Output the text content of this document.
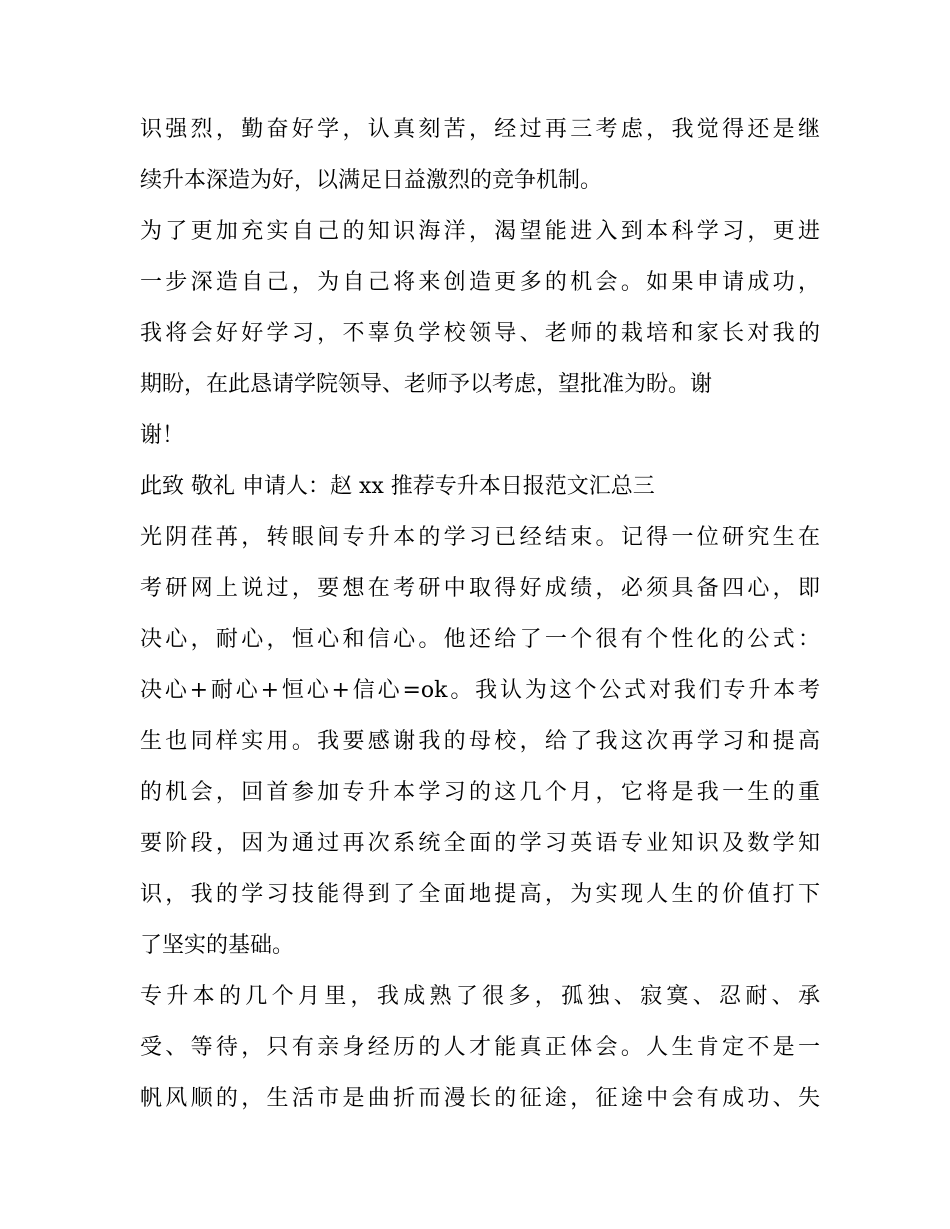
识强烈，勤奋好学，认真刻苦，经过再三考虑，我觉得还是继
续升本深造为好，以满足日益激烈的竞争机制。
为了更加充实自己的知识海洋，渴望能进入到本科学习，更进
一步深造自己，为自己将来创造更多的机会。如果申请成功，
我将会好好学习，不辜负学校领导、老师的栽培和家长对我的
期盼，在此恳请学院领导、老师予以考虑，望批准为盼。谢
谢！
此致 敬礼 申请人：赵 xx 推荐专升本日报范文汇总三
光阴荏苒，转眼间专升本的学习已经结束。记得一位研究生在
考研网上说过，要想在考研中取得好成绩，必须具备四心，即
决心，耐心，恒心和信心。他还给了一个很有个性化的公式：
决心+耐心+恒心+信心=ok。我认为这个公式对我们专升本考
生也同样实用。我要感谢我的母校，给了我这次再学习和提高
的机会，回首参加专升本学习的这几个月，它将是我一生的重
要阶段，因为通过再次系统全面的学习英语专业知识及数学知
识，我的学习技能得到了全面地提高，为实现人生的价值打下
了坚实的基础。
专升本的几个月里，我成熟了很多，孤独、寂寞、忍耐、承
受、等待，只有亲身经历的人才能真正体会。人生肯定不是一
帆风顺的，生活市是曲折而漫长的征途，征途中会有成功、失
